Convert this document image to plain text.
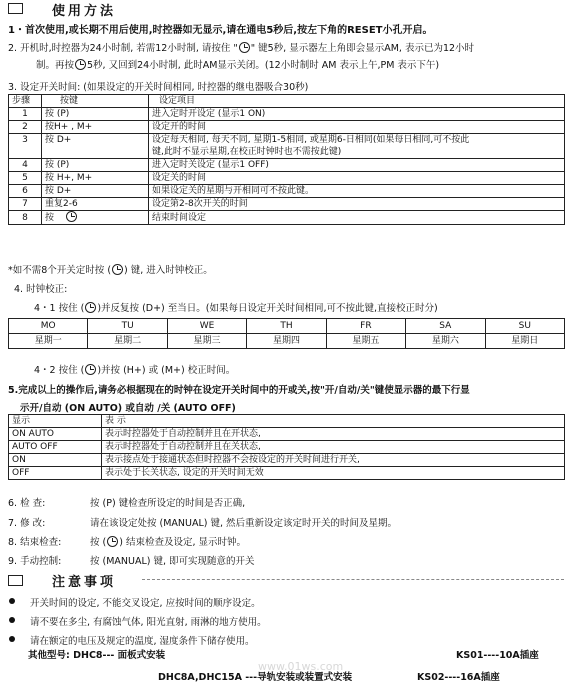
使用方法
1・首次使用,或长期不用后使用,时控器如无显示,请在通电5秒后,按左下角的RESET小孔开启。
2. 开机时,时控器为24小时制, 若需12小时制, 请按住 " " 键5秒, 显示器左上角即会显示AM, 表示已为12小时
制。再按 5秒, 又回到24小时制, 此时AM显示关闭。(12小时制时 AM 表示上午,PM 表示下午)
3. 设定开关时间: (如果设定的开关时间相同, 时控器的继电器吸合30秒)
步骤	按键	设定项目
1	按 (P)	进入定时开设定 (显示1 ON)
2	按H+ , M+	设定开的时间
3	按 D+	设定每天相同, 每天不同, 星期1-5相同, 或星期6-日相同(如果每日相同,可不按此
		键,此时不显示星期,在校正时钟时也不需按此键)
4	按 (P)	进入定时关设定 (显示1 OFF)
5	按 H+, M+	设定关的时间
6	按 D+	如果设定关的星期与开相同可不按此键。
7	重复2-6	设定第2-8次开关的时间
8	按	结束时间设定
*如不需8个开关定时按 ( ) 键, 进入时钟校正。
4. 时钟校正:
4・1 按住 ( )并反复按 (D+) 至当日。(如果每日设定开关时间相同,可不按此键,直接校正时分)
MO	TU	WE	TH	FR	SA	SU
星期一	星期二	星期三	星期四	星期五	星期六	星期日
4・2 按住 ( )并按 (H+) 或 (M+) 校正时间。
5.完成以上的操作后,请务必根据现在的时钟在设定开关时间中的开或关,按"开/自动/关"键使显示器的最下行显
示开/自动 (ON AUTO) 或自动 /关 (AUTO OFF)
显示	表 示
ON AUTO	表示时控器处于自动控制并且在开状态,
AUTO OFF	表示时控器处于自动控制并且在关状态,
ON	表示接点处于接通状态但时控器不会按设定的开关时间进行开关,
OFF	表示处于长关状态, 设定的开关时间无效
6. 检 查:	按 (P) 键检查所设定的时间是否正确,
7. 修 改:	请在该设定处按 (MANUAL) 键, 然后重新设定该定时开关的时间及星期。
8. 结束检查:	按 ( ) 结束检查及设定, 显示时钟。
9. 手动控制:	按 (MANUAL) 键, 即可实现随意的开关
注意事项
开关时间的设定, 不能交叉设定, 应按时间的顺序设定。
请不要在多尘, 有腐蚀气体, 阳光直射, 雨淋的地方使用。
请在额定的电压及规定的温度, 湿度条件下储存使用。
其他型号: DHC8--- 面板式安装	KS01----10A插座
www.01ws.com
DHC8A,DHC15A ---导轨安装或装置式安装	KS02----16A插座
